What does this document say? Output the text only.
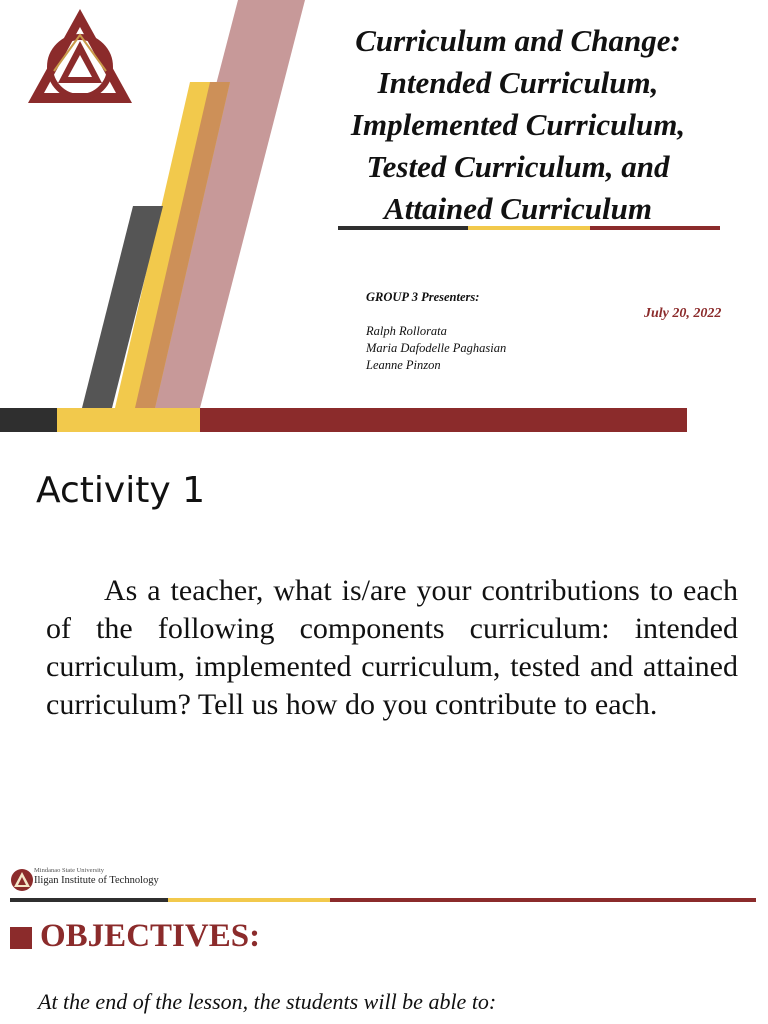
Curriculum and Change:
Intended Curriculum,
Implemented Curriculum,
Tested Curriculum, and
Attained Curriculum
GROUP 3 Presenters:
Ralph Rollorata
Maria Dafodelle Paghasian
Leanne Pinzon
July 20, 2022
Activity 1
As a teacher, what is/are your contributions to each of the following components curriculum: intended curriculum, implemented curriculum, tested and attained curriculum? Tell us how do you contribute to each.
Mindanao State University
Iligan Institute of Technology
OBJECTIVES:
At the end of the lesson, the students will be able to:
